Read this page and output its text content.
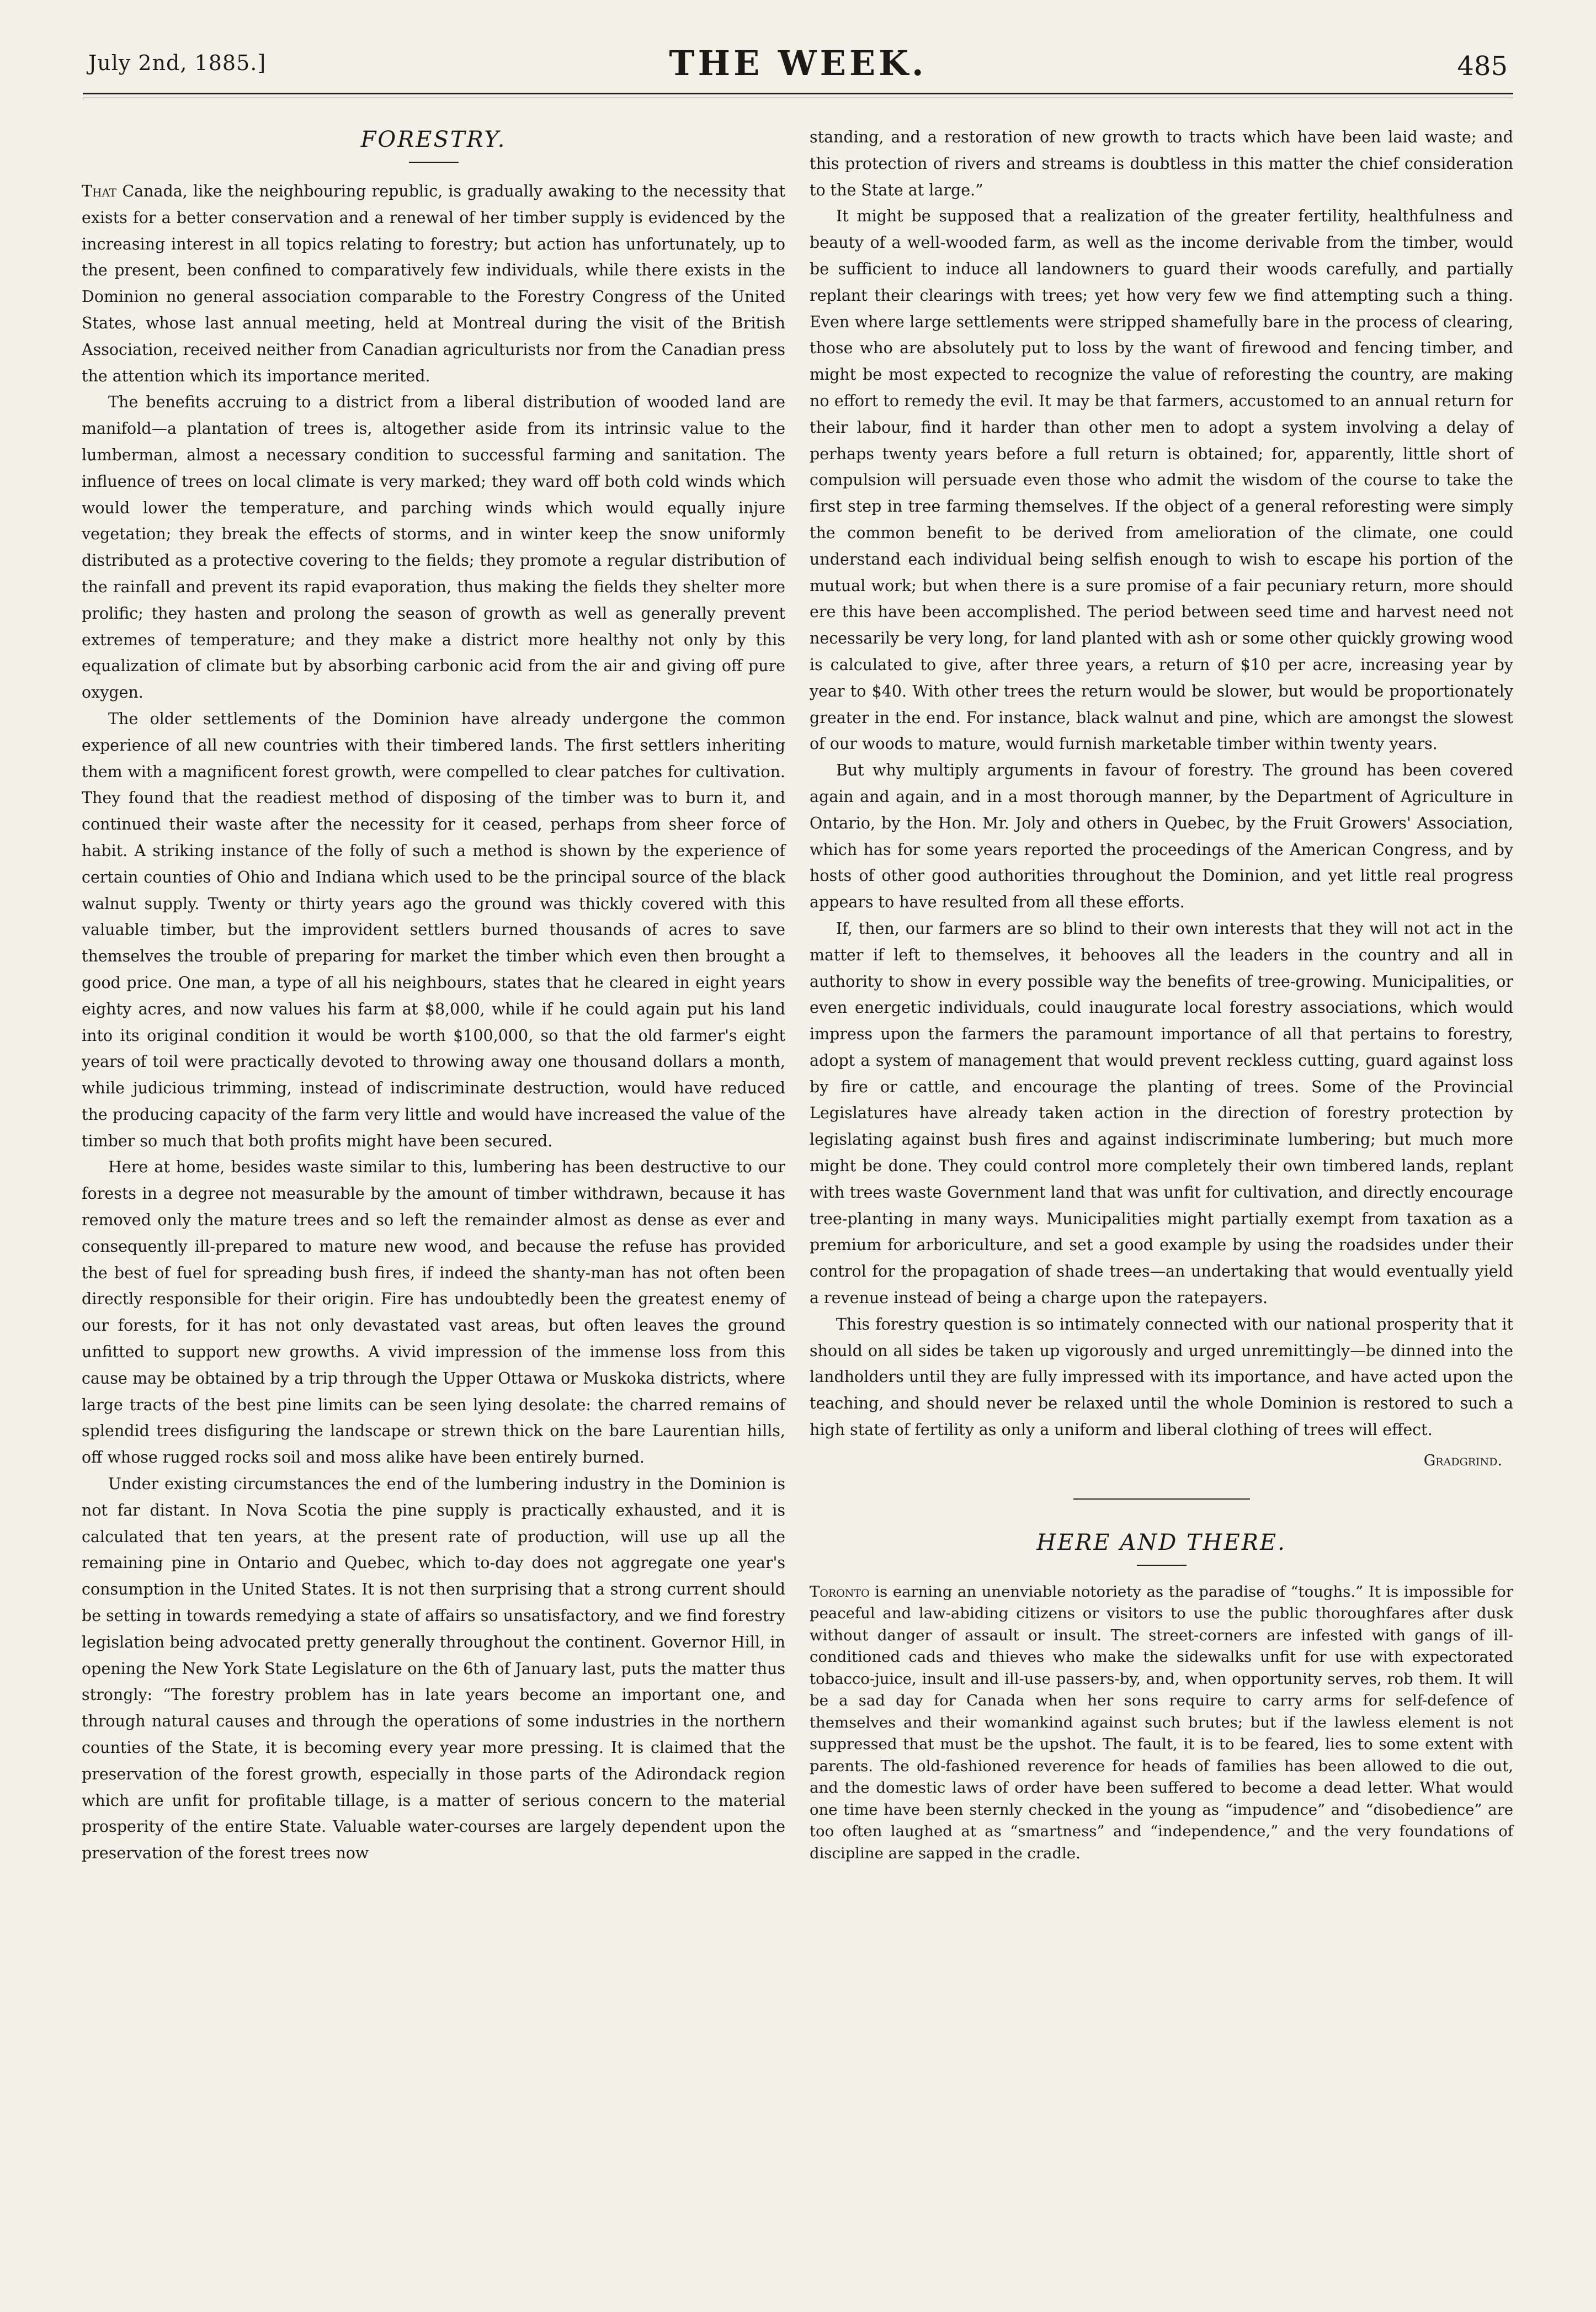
July 2nd, 1885.]	THE WEEK.	485
FORESTRY.

That Canada, like the neighbouring republic, is gradually awaking to the necessity that exists for a better conservation and a renewal of her timber supply is evidenced by the increasing interest in all topics relating to forestry; but action has unfortunately, up to the present, been confined to comparatively few individuals, while there exists in the Dominion no general association comparable to the Forestry Congress of the United States, whose last annual meeting, held at Montreal during the visit of the British Association, received neither from Canadian agriculturists nor from the Canadian press the attention which its importance merited.

The benefits accruing to a district from a liberal distribution of wooded land are manifold—a plantation of trees is, altogether aside from its intrinsic value to the lumberman, almost a necessary condition to successful farming and sanitation. The influence of trees on local climate is very marked; they ward off both cold winds which would lower the temperature, and parching winds which would equally injure vegetation; they break the effects of storms, and in winter keep the snow uniformly distributed as a protective covering to the fields; they promote a regular distribution of the rainfall and prevent its rapid evaporation, thus making the fields they shelter more prolific; they hasten and prolong the season of growth as well as generally prevent extremes of temperature; and they make a district more healthy not only by this equalization of climate but by absorbing carbonic acid from the air and giving off pure oxygen.

The older settlements of the Dominion have already undergone the common experience of all new countries with their timbered lands. The first settlers inheriting them with a magnificent forest growth, were compelled to clear patches for cultivation. They found that the readiest method of disposing of the timber was to burn it, and continued their waste after the necessity for it ceased, perhaps from sheer force of habit. A striking instance of the folly of such a method is shown by the experience of certain counties of Ohio and Indiana which used to be the principal source of the black walnut supply. Twenty or thirty years ago the ground was thickly covered with this valuable timber, but the improvident settlers burned thousands of acres to save themselves the trouble of preparing for market the timber which even then brought a good price. One man, a type of all his neighbours, states that he cleared in eight years eighty acres, and now values his farm at $8,000, while if he could again put his land into its original condition it would be worth $100,000, so that the old farmer's eight years of toil were practically devoted to throwing away one thousand dollars a month, while judicious trimming, instead of indiscriminate destruction, would have reduced the producing capacity of the farm very little and would have increased the value of the timber so much that both profits might have been secured.

Here at home, besides waste similar to this, lumbering has been destructive to our forests in a degree not measurable by the amount of timber withdrawn, because it has removed only the mature trees and so left the remainder almost as dense as ever and consequently ill-prepared to mature new wood, and because the refuse has provided the best of fuel for spreading bush fires, if indeed the shanty-man has not often been directly responsible for their origin. Fire has undoubtedly been the greatest enemy of our forests, for it has not only devastated vast areas, but often leaves the ground unfitted to support new growths. A vivid impression of the immense loss from this cause may be obtained by a trip through the Upper Ottawa or Muskoka districts, where large tracts of the best pine limits can be seen lying desolate: the charred remains of splendid trees disfiguring the landscape or strewn thick on the bare Laurentian hills, off whose rugged rocks soil and moss alike have been entirely burned.

Under existing circumstances the end of the lumbering industry in the Dominion is not far distant. In Nova Scotia the pine supply is practically exhausted, and it is calculated that ten years, at the present rate of production, will use up all the remaining pine in Ontario and Quebec, which to-day does not aggregate one year's consumption in the United States. It is not then surprising that a strong current should be setting in towards remedying a state of affairs so unsatisfactory, and we find forestry legislation being advocated pretty generally throughout the continent. Governor Hill, in opening the New York State Legislature on the 6th of January last, puts the matter thus strongly: “The forestry problem has in late years become an important one, and through natural causes and through the operations of some industries in the northern counties of the State, it is becoming every year more pressing. It is claimed that the preservation of the forest growth, especially in those parts of the Adirondack region which are unfit for profitable tillage, is a matter of serious concern to the material prosperity of the entire State. Valuable water-courses are largely dependent upon the preservation of the forest trees now

standing, and a restoration of new growth to tracts which have been laid waste; and this protection of rivers and streams is doubtless in this matter the chief consideration to the State at large.”

It might be supposed that a realization of the greater fertility, healthfulness and beauty of a well-wooded farm, as well as the income derivable from the timber, would be sufficient to induce all landowners to guard their woods carefully, and partially replant their clearings with trees; yet how very few we find attempting such a thing. Even where large settlements were stripped shamefully bare in the process of clearing, those who are absolutely put to loss by the want of firewood and fencing timber, and might be most expected to recognize the value of reforesting the country, are making no effort to remedy the evil. It may be that farmers, accustomed to an annual return for their labour, find it harder than other men to adopt a system involving a delay of perhaps twenty years before a full return is obtained; for, apparently, little short of compulsion will persuade even those who admit the wisdom of the course to take the first step in tree farming themselves. If the object of a general reforesting were simply the common benefit to be derived from amelioration of the climate, one could understand each individual being selfish enough to wish to escape his portion of the mutual work; but when there is a sure promise of a fair pecuniary return, more should ere this have been accomplished. The period between seed time and harvest need not necessarily be very long, for land planted with ash or some other quickly growing wood is calculated to give, after three years, a return of $10 per acre, increasing year by year to $40. With other trees the return would be slower, but would be proportionately greater in the end. For instance, black walnut and pine, which are amongst the slowest of our woods to mature, would furnish marketable timber within twenty years.

But why multiply arguments in favour of forestry. The ground has been covered again and again, and in a most thorough manner, by the Department of Agriculture in Ontario, by the Hon. Mr. Joly and others in Quebec, by the Fruit Growers' Association, which has for some years reported the proceedings of the American Congress, and by hosts of other good authorities throughout the Dominion, and yet little real progress appears to have resulted from all these efforts.

If, then, our farmers are so blind to their own interests that they will not act in the matter if left to themselves, it behooves all the leaders in the country and all in authority to show in every possible way the benefits of tree-growing. Municipalities, or even energetic individuals, could inaugurate local forestry associations, which would impress upon the farmers the paramount importance of all that pertains to forestry, adopt a system of management that would prevent reckless cutting, guard against loss by fire or cattle, and encourage the planting of trees. Some of the Provincial Legislatures have already taken action in the direction of forestry protection by legislating against bush fires and against indiscriminate lumbering; but much more might be done. They could control more completely their own timbered lands, replant with trees waste Government land that was unfit for cultivation, and directly encourage tree-planting in many ways. Municipalities might partially exempt from taxation as a premium for arboriculture, and set a good example by using the roadsides under their control for the propagation of shade trees—an undertaking that would eventually yield a revenue instead of being a charge upon the ratepayers.

This forestry question is so intimately connected with our national prosperity that it should on all sides be taken up vigorously and urged unremittingly—be dinned into the landholders until they are fully impressed with its importance, and have acted upon the teaching, and should never be relaxed until the whole Dominion is restored to such a high state of fertility as only a uniform and liberal clothing of trees will effect.

Gradgrind.
HERE AND THERE.

Toronto is earning an unenviable notoriety as the paradise of “toughs.” It is impossible for peaceful and law-abiding citizens or visitors to use the public thoroughfares after dusk without danger of assault or insult. The street-corners are infested with gangs of ill-conditioned cads and thieves who make the sidewalks unfit for use with expectorated tobacco-juice, insult and ill-use passers-by, and, when opportunity serves, rob them. It will be a sad day for Canada when her sons require to carry arms for self-defence of themselves and their womankind against such brutes; but if the lawless element is not suppressed that must be the upshot. The fault, it is to be feared, lies to some extent with parents. The old-fashioned reverence for heads of families has been allowed to die out, and the domestic laws of order have been suffered to become a dead letter. What would one time have been sternly checked in the young as “impudence” and “disobedience” are too often laughed at as “smartness” and “independence,” and the very foundations of discipline are sapped in the cradle.
